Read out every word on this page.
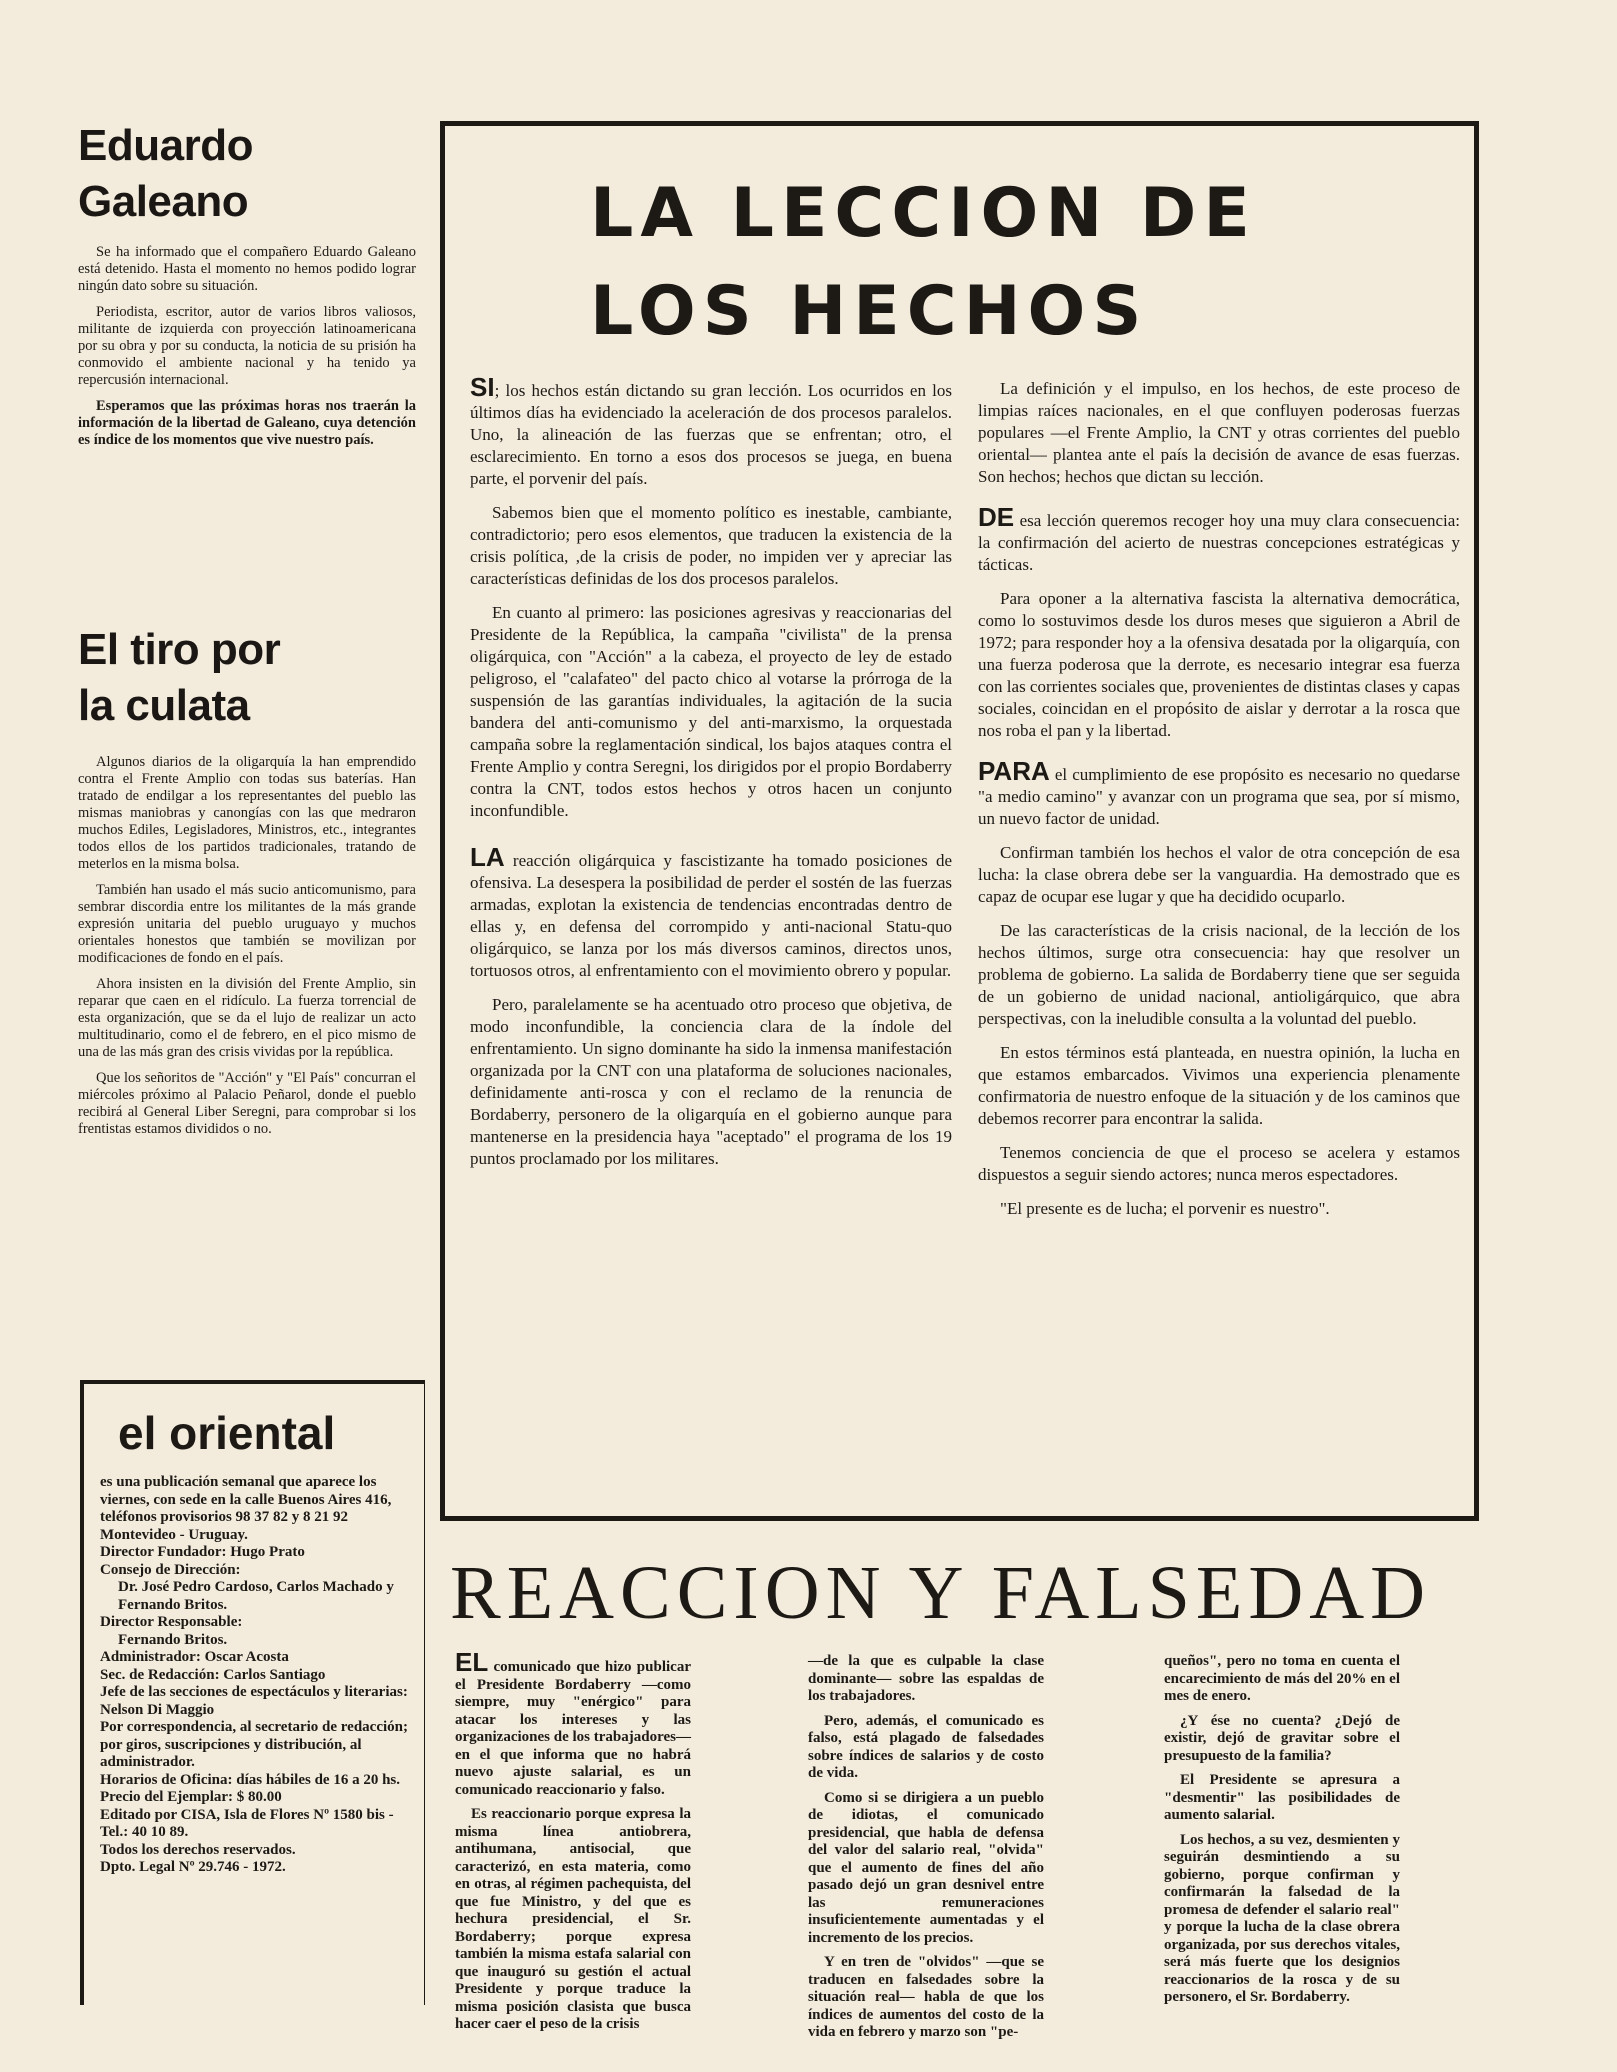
Eduardo
Galeano

Se ha informado que el compañero Eduardo Galeano está detenido. Hasta el momento no hemos podido lograr ningún dato sobre su situación.

Periodista, escritor, autor de varios libros valiosos, militante de izquierda con proyección latinoamericana por su obra y por su conducta, la noticia de su prisión ha conmovido el ambiente nacional y ha tenido ya repercusión internacional.

Esperamos que las próximas horas nos traerán la información de la libertad de Galeano, cuya detención es índice de los momentos que vive nuestro país.

El tiro por
la culata

Algunos diarios de la oligarquía la han emprendido contra el Frente Amplio con todas sus baterías. Han tratado de endilgar a los representantes del pueblo las mismas maniobras y canongías con las que medraron muchos Ediles, Legisladores, Ministros, etc., integrantes todos ellos de los partidos tradicionales, tratando de meterlos en la misma bolsa.

También han usado el más sucio anticomunismo, para sembrar discordia entre los militantes de la más grande expresión unitaria del pueblo uruguayo y muchos orientales honestos que también se movilizan por modificaciones de fondo en el país.

Ahora insisten en la división del Frente Amplio, sin reparar que caen en el ridículo. La fuerza torrencial de esta organización, que se da el lujo de realizar un acto multitudinario, como el de febrero, en el pico mismo de una de las más gran des crisis vividas por la república.

Que los señoritos de "Acción" y "El País" concurran el miércoles próximo al Palacio Peñarol, donde el pueblo recibirá al General Liber Seregni, para comprobar si los frentistas estamos divididos o no.

el oriental
es una publicación semanal que aparece los viernes, con sede en la calle Buenos Aires 416, teléfonos provisorios 98 37 82 y 8 21 92 Montevideo - Uruguay.
Director Fundador: Hugo Prato
Consejo de Dirección:
Dr. José Pedro Cardoso, Carlos Machado y Fernando Britos.
Director Responsable:
Fernando Britos.
Administrador: Oscar Acosta
Sec. de Redacción: Carlos Santiago
Jefe de las secciones de espectáculos y literarias: Nelson Di Maggio
Por correspondencia, al secretario de redacción; por giros, suscripciones y distribución, al administrador.
Horarios de Oficina: días hábiles de 16 a 20 hs.
Precio del Ejemplar: $ 80.00
Editado por CISA, Isla de Flores Nº 1580 bis - Tel.: 40 10 89.
Todos los derechos reservados.
Dpto. Legal Nº 29.746 - 1972.
LA LECCION DE
LOS HECHOS

SI; los hechos están dictando su gran lección. Los ocurridos en los últimos días ha evidenciado la aceleración de dos procesos paralelos. Uno, la alineación de las fuerzas que se enfrentan; otro, el esclarecimiento. En torno a esos dos procesos se juega, en buena parte, el porvenir del país.

Sabemos bien que el momento político es inestable, cambiante, contradictorio; pero esos elementos, que traducen la existencia de la crisis política, ,de la crisis de poder, no impiden ver y apreciar las características definidas de los dos procesos paralelos.

En cuanto al primero: las posiciones agresivas y reaccionarias del Presidente de la República, la campaña "civilista" de la prensa oligárquica, con "Acción" a la cabeza, el proyecto de ley de estado peligroso, el "calafateo" del pacto chico al votarse la prórroga de la suspensión de las garantías individuales, la agitación de la sucia bandera del anti-comunismo y del anti-marxismo, la orquestada campaña sobre la reglamentación sindical, los bajos ataques contra el Frente Amplio y contra Seregni, los dirigidos por el propio Bordaberry contra la CNT, todos estos hechos y otros hacen un conjunto inconfundible.

LA reacción oligárquica y fascistizante ha tomado posiciones de ofensiva. La desespera la posibilidad de perder el sostén de las fuerzas armadas, explotan la existencia de tendencias encontradas dentro de ellas y, en defensa del corrompido y anti-nacional Statu-quo oligárquico, se lanza por los más diversos caminos, directos unos, tortuosos otros, al enfrentamiento con el movimiento obrero y popular.

Pero, paralelamente se ha acentuado otro proceso que objetiva, de modo inconfundible, la conciencia clara de la índole del enfrentamiento. Un signo dominante ha sido la inmensa manifestación organizada por la CNT con una plataforma de soluciones nacionales, definidamente anti-rosca y con el reclamo de la renuncia de Bordaberry, personero de la oligarquía en el gobierno aunque para mantenerse en la presidencia haya "aceptado" el programa de los 19 puntos proclamado por los militares.

La definición y el impulso, en los hechos, de este proceso de limpias raíces nacionales, en el que confluyen poderosas fuerzas populares —el Frente Amplio, la CNT y otras corrientes del pueblo oriental— plantea ante el país la decisión de avance de esas fuerzas. Son hechos; hechos que dictan su lección.

DE esa lección queremos recoger hoy una muy clara consecuencia: la confirmación del acierto de nuestras concepciones estratégicas y tácticas.

Para oponer a la alternativa fascista la alternativa democrática, como lo sostuvimos desde los duros meses que siguieron a Abril de 1972; para responder hoy a la ofensiva desatada por la oligarquía, con una fuerza poderosa que la derrote, es necesario integrar esa fuerza con las corrientes sociales que, provenientes de distintas clases y capas sociales, coincidan en el propósito de aislar y derrotar a la rosca que nos roba el pan y la libertad.

PARA el cumplimiento de ese propósito es necesario no quedarse "a medio camino" y avanzar con un programa que sea, por sí mismo, un nuevo factor de unidad.

Confirman también los hechos el valor de otra concepción de esa lucha: la clase obrera debe ser la vanguardia. Ha demostrado que es capaz de ocupar ese lugar y que ha decidido ocuparlo.

De las características de la crisis nacional, de la lección de los hechos últimos, surge otra consecuencia: hay que resolver un problema de gobierno. La salida de Bordaberry tiene que ser seguida de un gobierno de unidad nacional, antioligárquico, que abra perspectivas, con la ineludible consulta a la voluntad del pueblo.

En estos términos está planteada, en nuestra opinión, la lucha en que estamos embarcados. Vivimos una experiencia plenamente confirmatoria de nuestro enfoque de la situación y de los caminos que debemos recorrer para encontrar la salida.

Tenemos conciencia de que el proceso se acelera y estamos dispuestos a seguir siendo actores; nunca meros espectadores.

"El presente es de lucha; el porvenir es nuestro".

REACCION Y FALSEDAD

EL comunicado que hizo publicar el Presidente Bordaberry —como siempre, muy "enérgico" para atacar los intereses y las organizaciones de los trabajadores— en el que informa que no habrá nuevo ajuste salarial, es un comunicado reaccionario y falso.

Es reaccionario porque expresa la misma línea antiobrera, antihumana, antisocial, que caracterizó, en esta materia, como en otras, al régimen pachequista, del que fue Ministro, y del que es hechura presidencial, el Sr. Bordaberry; porque expresa también la misma estafa salarial con que inauguró su gestión el actual Presidente y porque traduce la misma posición clasista que busca hacer caer el peso de la crisis

—de la que es culpable la clase dominante— sobre las espaldas de los trabajadores.

Pero, además, el comunicado es falso, está plagado de falsedades sobre índices de salarios y de costo de vida.

Como si se dirigiera a un pueblo de idiotas, el comunicado presidencial, que habla de defensa del valor del salario real, "olvida" que el aumento de fines del año pasado dejó un gran desnivel entre las remuneraciones insuficientemente aumentadas y el incremento de los precios.

Y en tren de "olvidos" —que se traducen en falsedades sobre la situación real— habla de que los índices de aumentos del costo de la vida en febrero y marzo son "pe-

queños", pero no toma en cuenta el encarecimiento de más del 20% en el mes de enero.

¿Y ése no cuenta? ¿Dejó de existir, dejó de gravitar sobre el presupuesto de la familia?

El Presidente se apresura a "desmentir" las posibilidades de aumento salarial.

Los hechos, a su vez, desmienten y seguirán desmintiendo a su gobierno, porque confirman y confirmarán la falsedad de la promesa de defender el salario real" y porque la lucha de la clase obrera organizada, por sus derechos vitales, será más fuerte que los designios reaccionarios de la rosca y de su personero, el Sr. Bordaberry.
